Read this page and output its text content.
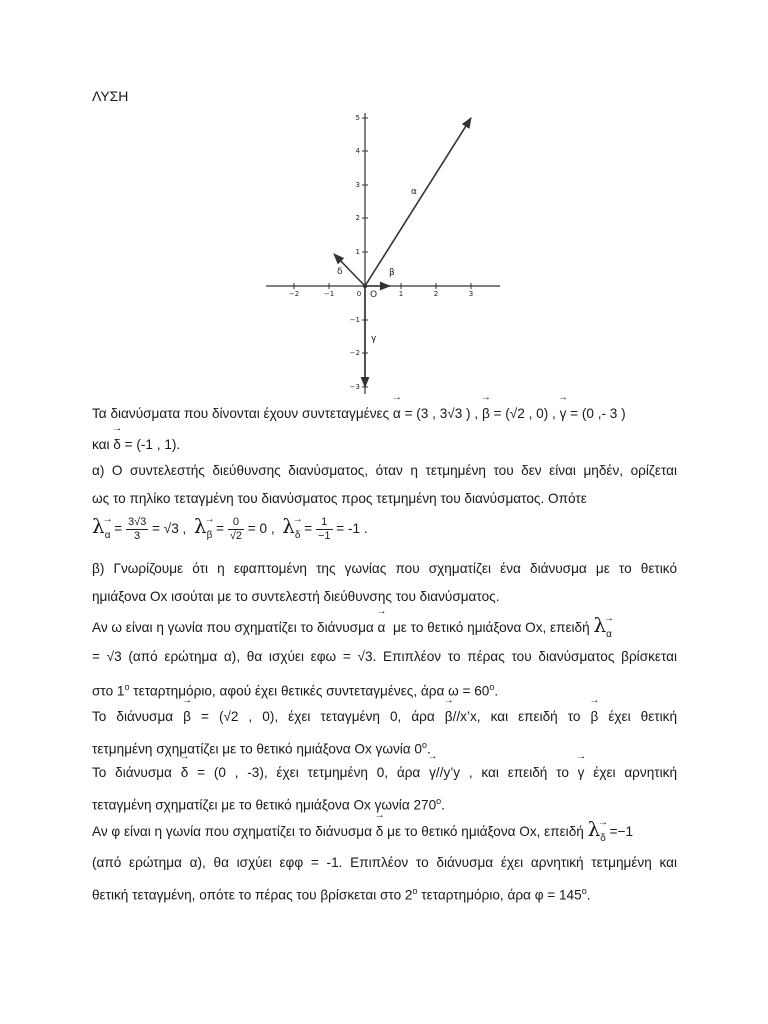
ΛΥΣΗ
−2	−1	0	1	2	3
5
4
3
2
1
−1
−2
−3
O
α
β
γ
δ
Τα διανύσματα που δίνονται έχουν συντεταγμένες → α = (3 , 3√3 ) , → β = (√2 , 0) , → γ = (0 ,- 3 )
και → δ = (-1 , 1).
α) Ο συντελεστής διεύθυνσης διανύσματος, όταν η τετμημένη του δεν είναι μηδέν, ορίζεται
ως το πηλίκο τεταγμένη του διανύσματος προς τετμημένη του διανύσματος. Οπότε
$\lambda\to \alpha = \frac{3√3}{3} = √3$ , $\lambda\to \beta = \frac{0}{√2} = 0$ , $\lambda\to \delta = \frac{1}{-1} = -1$ .
β) Γνωρίζουμε ότι η εφαπτομένη της γωνίας που σχηματίζει ένα διάνυσμα με το θετικό
ημιάξονα Οx ισούται με το συντελεστή διεύθυνσης του διανύσματος.
Αν ω είναι η γωνία που σχηματίζει το διάνυσμα → α με το θετικό ημιάξονα Οx, επειδή λ→ α
= √3 (από ερώτημα α), θα ισχύει εφω = √3. Επιπλέον το πέρας του διανύσματος βρίσκεται
στο $1^o$ τεταρτημόριο, αφού έχει θετικές συντεταγμένες, άρα $\omega = 60^o$.
Το διάνυσμα → β = (√2 , 0), έχει τεταγμένη 0, άρα → β//x’x, και επειδή το → β έχει θετική
τετμημένη σχηματίζει με το θετικό ημιάξονα Οx γωνία $0^o$.
Το διάνυσμα → δ = (0 , -3), έχει τετμημένη 0, άρα → γ//y’y , και επειδή το → γ έχει αρνητική
τεταγμένη σχηματίζει με το θετικό ημιάξονα Οx γωνία $270^o$.
Αν φ είναι η γωνία που σχηματίζει το διάνυσμα → δ με το θετικό ημιάξονα Οx, επειδή λ→ δ =−1
(από ερώτημα α), θα ισχύει εφφ = -1. Επιπλέον το διάνυσμα έχει αρνητική τετμημένη και
θετική τεταγμένη, οπότε το πέρας του βρίσκεται στο $2^o$ τεταρτημόριο, άρα $\varphi = 145^o$.
